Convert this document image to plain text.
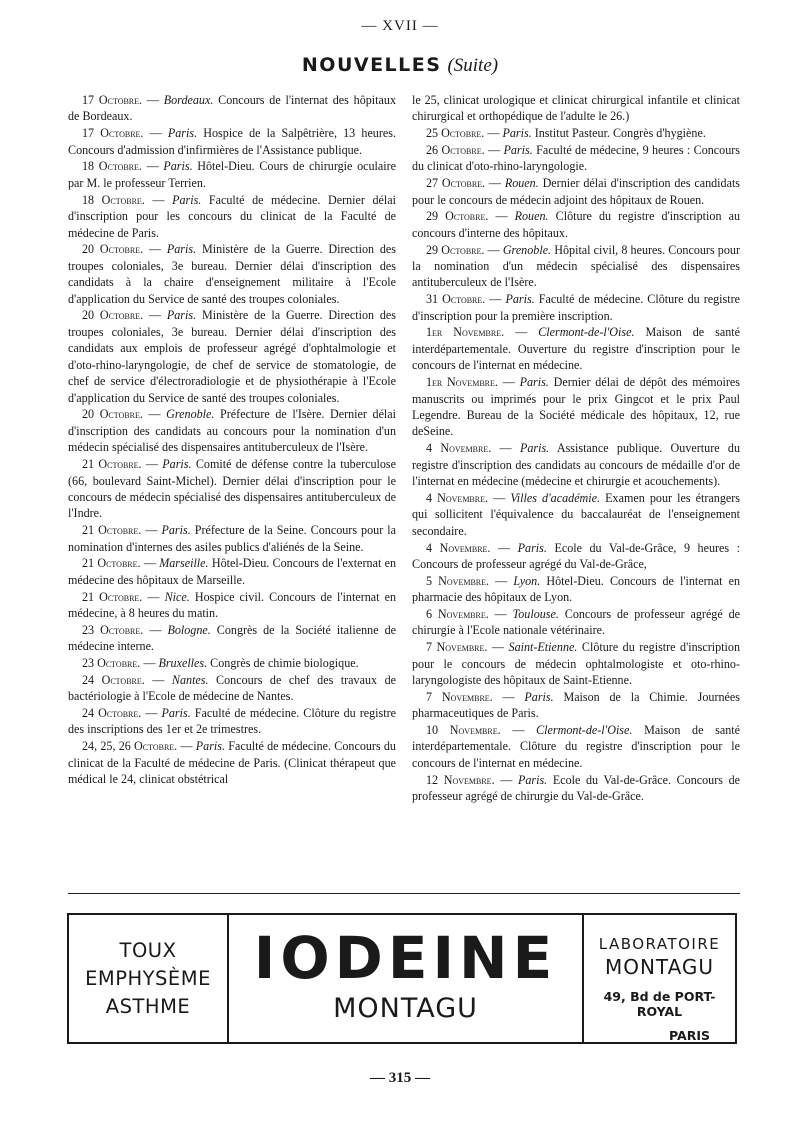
— XVII —
NOUVELLES (Suite)

17 Octobre. — Bordeaux. Concours de l'internat des hôpitaux de Bordeaux.

17 Octobre. — Paris. Hospice de la Salpêtrière, 13 heures. Concours d'admission d'infirmières de l'Assistance publique.

18 Octobre. — Paris. Hôtel-Dieu. Cours de chirurgie oculaire par M. le professeur Terrien.

18 Octobre. — Paris. Faculté de médecine. Dernier délai d'inscription pour les concours du clinicat de la Faculté de médecine de Paris.

20 Octobre. — Paris. Ministère de la Guerre. Direction des troupes coloniales, 3e bureau. Dernier délai d'inscription des candidats à la chaire d'enseignement militaire à l'Ecole d'application du Service de santé des troupes coloniales.

20 Octobre. — Paris. Ministère de la Guerre. Direction des troupes coloniales, 3e bureau. Dernier délai d'inscription des candidats aux emplois de professeur agrégé d'ophtalmologie et d'oto-rhino-laryngologie, de chef de service de stomatologie, de chef de service d'électroradiologie et de physiothérapie à l'Ecole d'application du Service de santé des troupes coloniales.

20 Octobre. — Grenoble. Préfecture de l'Isère. Dernier délai d'inscription des candidats au concours pour la nomination d'un médecin spécialisé des dispensaires antituberculeux de l'Isère.

21 Octobre. — Paris. Comité de défense contre la tuberculose (66, boulevard Saint-Michel). Dernier délai d'inscription pour le concours de médecin spécialisé des dispensaires antituberculeux de l'Indre.

21 Octobre. — Paris. Préfecture de la Seine. Concours pour la nomination d'internes des asiles publics d'aliénés de la Seine.

21 Octobre. — Marseille. Hôtel-Dieu. Concours de l'externat en médecine des hôpitaux de Marseille.

21 Octobre. — Nice. Hospice civil. Concours de l'internat en médecine, à 8 heures du matin.

23 Octobre. — Bologne. Congrès de la Société italienne de médecine interne.

23 Octobre. — Bruxelles. Congrès de chimie biologique.

24 Octobre. — Nantes. Concours de chef des travaux de bactériologie à l'Ecole de médecine de Nantes.

24 Octobre. — Paris. Faculté de médecine. Clôture du registre des inscriptions des 1er et 2e trimestres.

24, 25, 26 Octobre. — Paris. Faculté de médecine. Concours du clinicat de la Faculté de médecine de Paris. (Clinicat thérapeut que médical le 24, clinicat obstétrical

le 25, clinicat urologique et clinicat chirurgical infantile et clinicat chirurgical et orthopédique de l'adulte le 26.)

25 Octobre. — Paris. Institut Pasteur. Congrès d'hygiène.

26 Octobre. — Paris. Faculté de médecine, 9 heures : Concours du clinicat d'oto-rhino-laryngologie.

27 Octobre. — Rouen. Dernier délai d'inscription des candidats pour le concours de médecin adjoint des hôpitaux de Rouen.

29 Octobre. — Rouen. Clôture du registre d'inscription au concours d'interne des hôpitaux.

29 Octobre. — Grenoble. Hôpital civil, 8 heures. Concours pour la nomination d'un médecin spécialisé des dispensaires antituberculeux de l'Isère.

31 Octobre. — Paris. Faculté de médecine. Clôture du registre d'inscription pour la première inscription.

1er Novembre. — Clermont-de-l'Oise. Maison de santé interdépartementale. Ouverture du registre d'inscription pour le concours de l'internat en médecine.

1er Novembre. — Paris. Dernier délai de dépôt des mémoires manuscrits ou imprimés pour le prix Gingcot et le prix Paul Legendre. Bureau de la Société médicale des hôpitaux, 12, rue deSeine.

4 Novembre. — Paris. Assistance publique. Ouverture du registre d'inscription des candidats au concours de médaille d'or de l'internat en médecine (médecine et chirurgie et acouchements).

4 Novembre. — Villes d'académie. Examen pour les étrangers qui sollicitent l'équivalence du baccalauréat de l'enseignement secondaire.

4 Novembre. — Paris. Ecole du Val-de-Grâce, 9 heures : Concours de professeur agrégé du Val-de-Grâce,

5 Novembre. — Lyon. Hôtel-Dieu. Concours de l'internat en pharmacie des hôpitaux de Lyon.

6 Novembre. — Toulouse. Concours de professeur agrégé de chirurgie à l'Ecole nationale vétérinaire.

7 Novembre. — Saint-Etienne. Clôture du registre d'inscription pour le concours de médecin ophtalmologiste et oto-rhino-laryngologiste des hôpitaux de Saint-Etienne.

7 Novembre. — Paris. Maison de la Chimie. Journées pharmaceutiques de Paris.

10 Novembre. — Clermont-de-l'Oise. Maison de santé interdépartementale. Clôture du registre d'inscription pour le concours de l'internat en médecine.

12 Novembre. — Paris. Ecole du Val-de-Grâce. Concours de professeur agrégé de chirurgie du Val-de-Grâce.

TOUX
EMPHYSÈME
ASTHME
IODEINE
MONTAGU
LABORATOIRE
MONTAGU
49, Bd de PORT-ROYAL
PARIS
— 315 —
